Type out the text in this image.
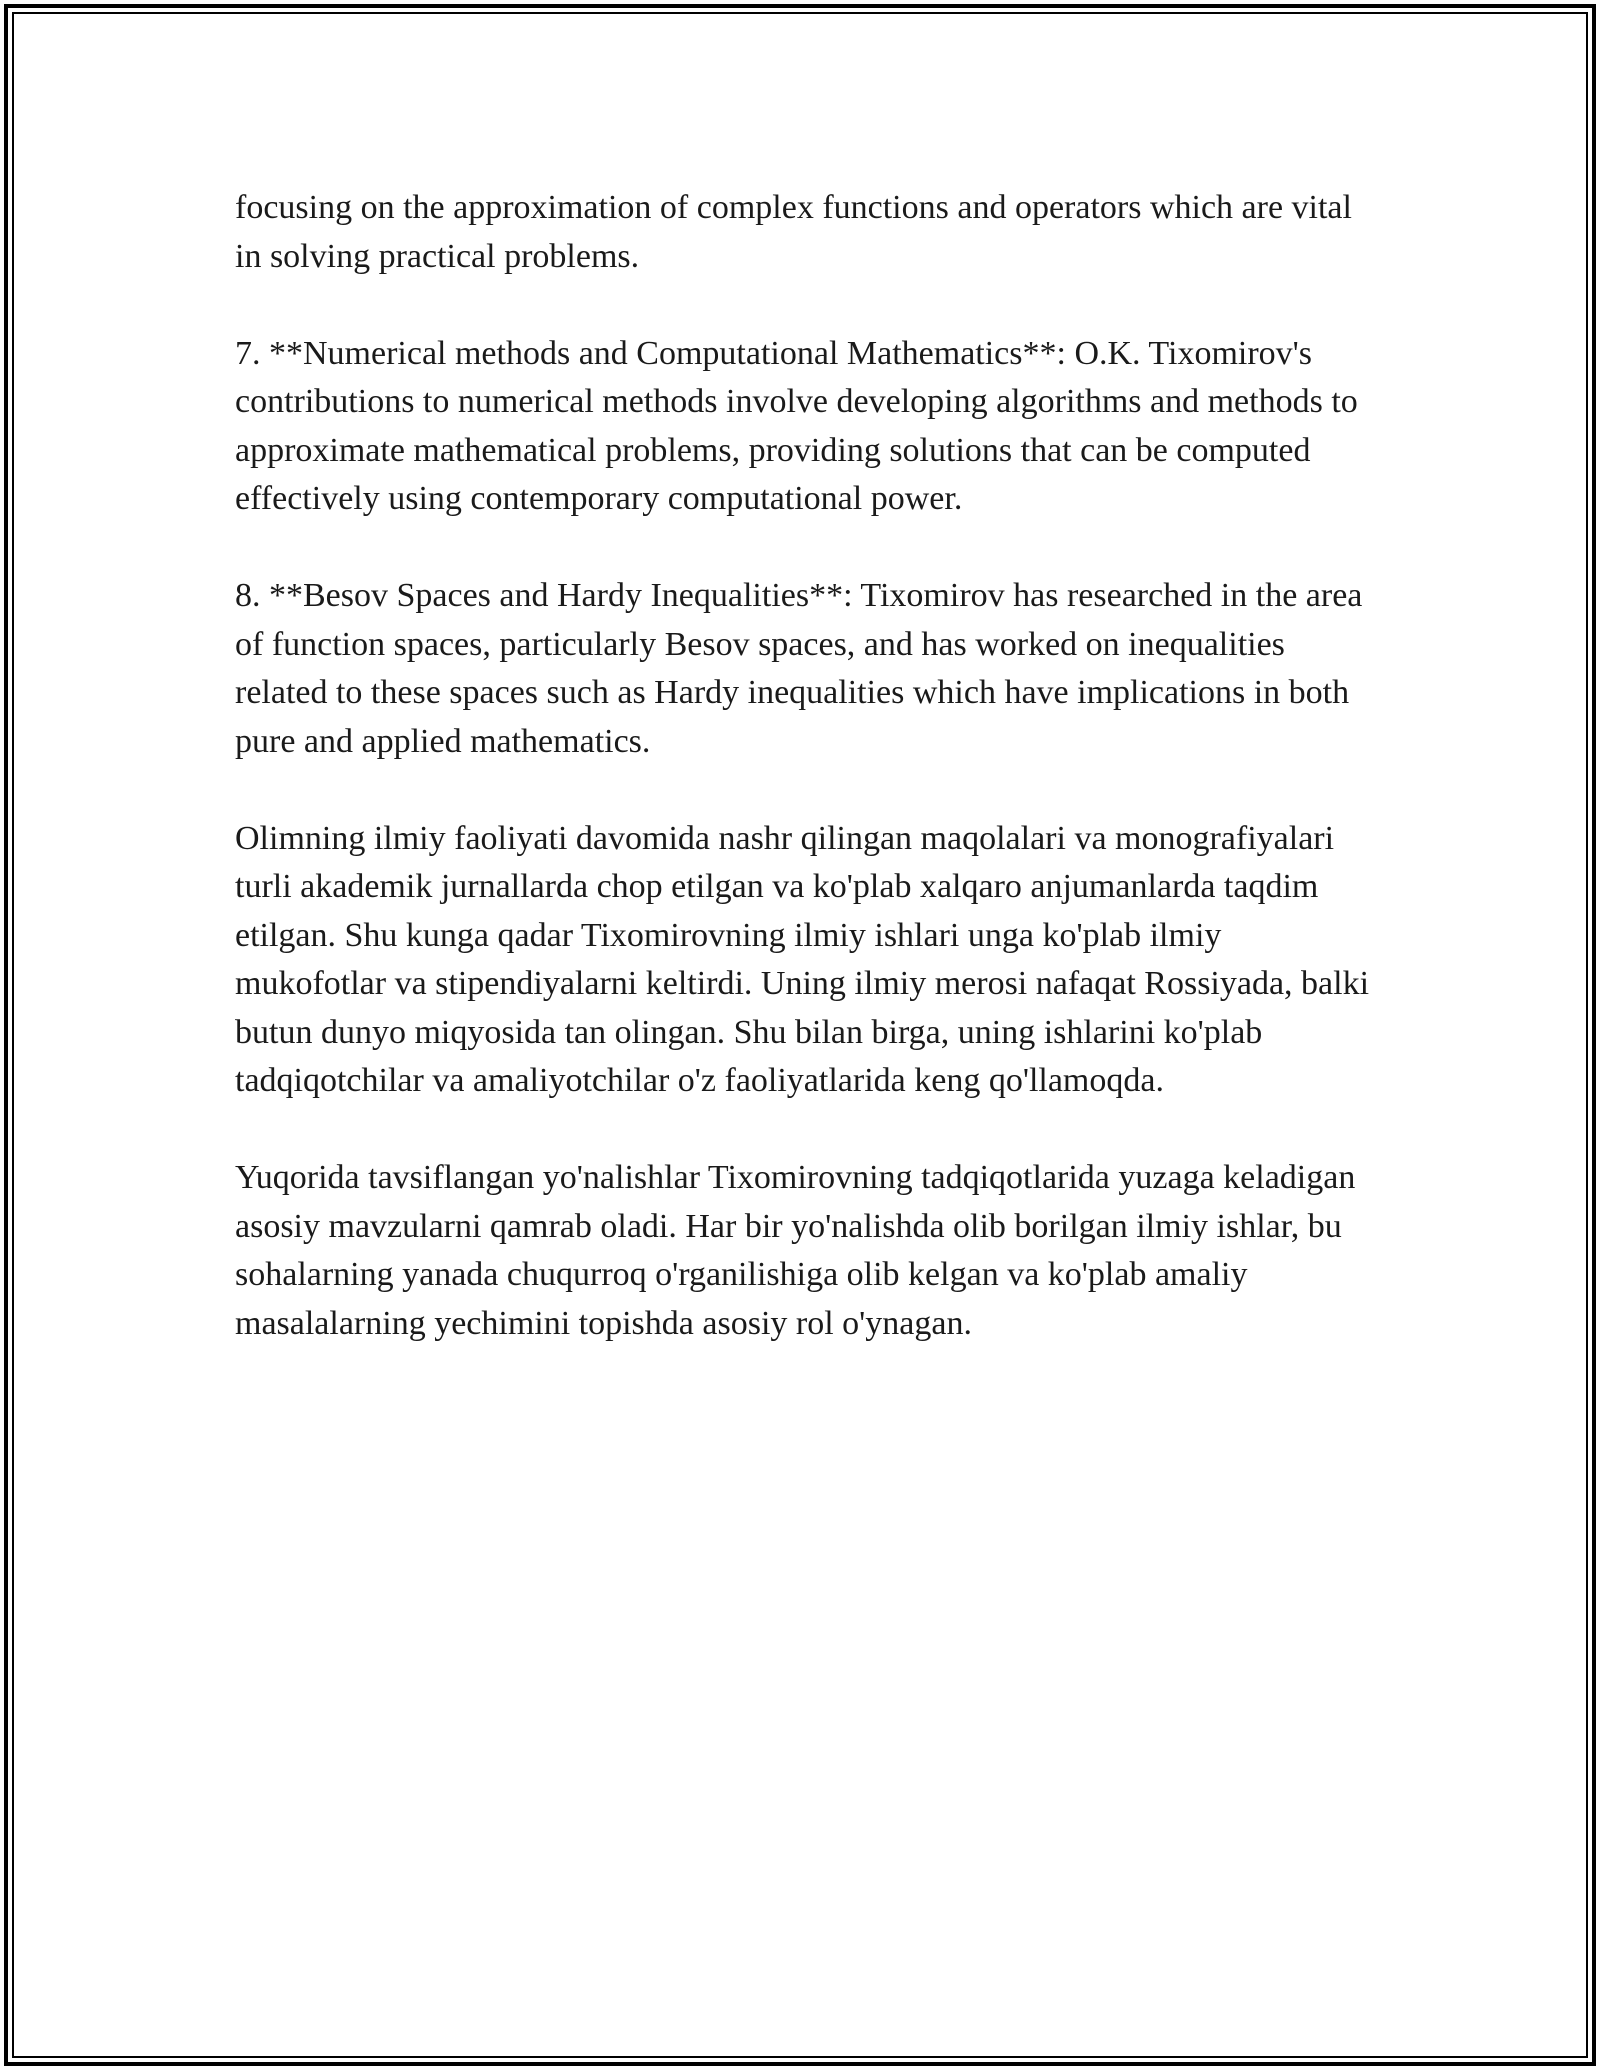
focusing on the approximation of complex functions and operators which are vital in solving practical problems.

7. **Numerical methods and Computational Mathematics**: O.K. Tixomirov's contributions to numerical methods involve developing algorithms and methods to approximate mathematical problems, providing solutions that can be computed effectively using contemporary computational power.

8. **Besov Spaces and Hardy Inequalities**: Tixomirov has researched in the area of function spaces, particularly Besov spaces, and has worked on inequalities related to these spaces such as Hardy inequalities which have implications in both pure and applied mathematics.

Olimning ilmiy faoliyati davomida nashr qilingan maqolalari va monografiyalari turli akademik jurnallarda chop etilgan va ko'plab xalqaro anjumanlarda taqdim etilgan. Shu kunga qadar Tixomirovning ilmiy ishlari unga ko'plab ilmiy mukofotlar va stipendiyalarni keltirdi. Uning ilmiy merosi nafaqat Rossiyada, balki butun dunyo miqyosida tan olingan. Shu bilan birga, uning ishlarini ko'plab tadqiqotchilar va amaliyotchilar o'z faoliyatlarida keng qo'llamoqda.

Yuqorida tavsiflangan yo'nalishlar Tixomirovning tadqiqotlarida yuzaga keladigan asosiy mavzularni qamrab oladi. Har bir yo'nalishda olib borilgan ilmiy ishlar, bu sohalarning yanada chuqurroq o'rganilishiga olib kelgan va ko'plab amaliy masalalarning yechimini topishda asosiy rol o'ynagan.
